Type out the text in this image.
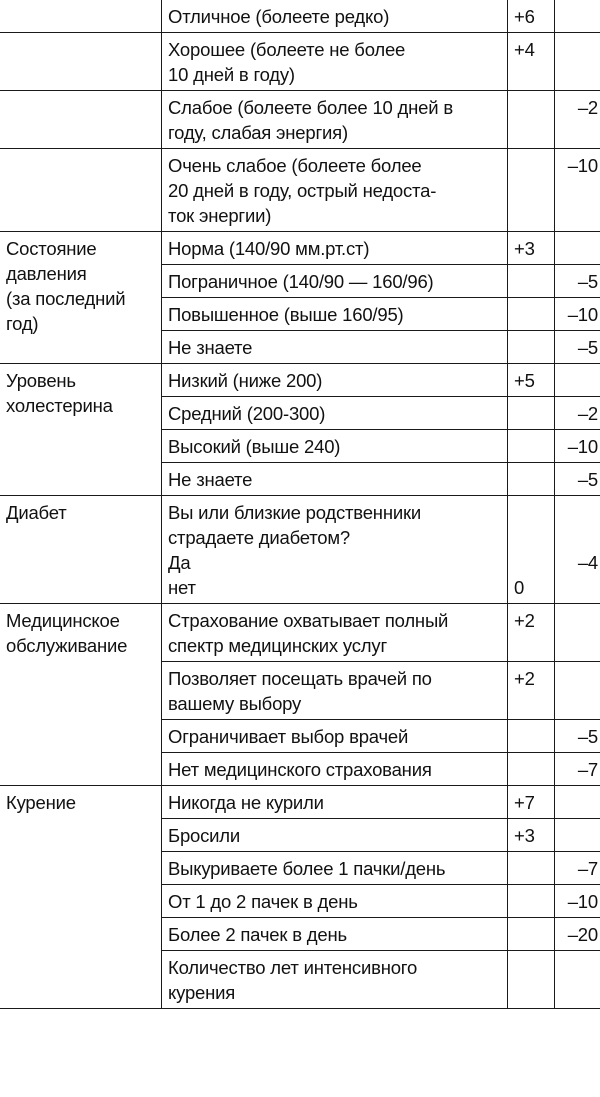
	Отличное (болеете редко)	+6	

	Хорошее (болеете не более
10 дней в году)	+4	

	Слабое (болеете более 10 дней в
году, слабая энергия)		–2

	Очень слабое (болеете более
20 дней в году, острый недоста-
ток энергии)		–10

Состояние
давления
(за последний
год)	Норма (140/90 мм.рт.ст)	+3	

	Пограничное (140/90 — 160/96)		–5

	Повышенное (выше 160/95)		–10

	Не знаете		–5

Уровень
холестерина	Низкий (ниже 200)	+5	

	Средний (200-300)		–2

	Высокий (выше 240)		–10

	Не знаете		–5

Диабет	Вы или близкие родственники
страдаете диабетом?
Да
нет	0	–4

Медицинское
обслуживание	Страхование охватывает полный
спектр медицинских услуг	+2	

	Позволяет посещать врачей по
вашему выбору	+2	

	Ограничивает выбор врачей		–5

	Нет медицинского страхования		–7

Курение	Никогда не курили	+7	

	Бросили	+3	

	Выкуриваете более 1 пачки/день		–7

	От 1 до 2 пачек в день		–10

	Более 2 пачек в день		–20

	Количество лет интенсивного
курения		
